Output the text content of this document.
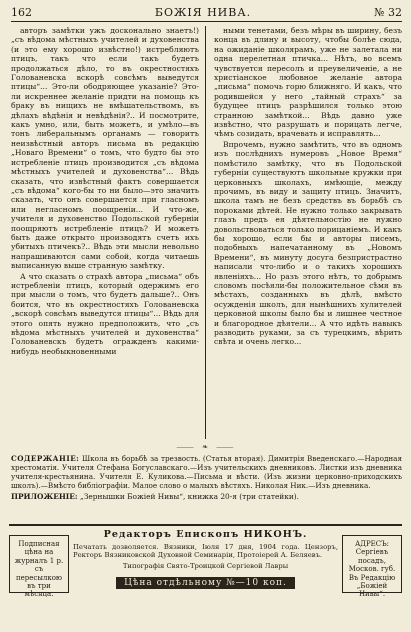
162	БОЖІЯ НИВА.	№ 32

авторъ замѣтки ужъ досконально знаетъ!) „съ вѣдома мѣстныхъ учителей и духовенства (и это ему хорошо извѣстно!) истребляютъ птицъ, такъ что если такъ будетъ продолжаться дѣло, то въ окрестностяхъ Голованевска вскорѣ совсѣмъ выведутся птицы“... Это-ли ободряющее указаніе? Это-ли искреннее желаніе придти на помощь къ браку въ нищихъ не вмѣшательствомъ, въ дѣлахъ вѣдѣнія и невѣдѣнія?.. И посмотрите, какъ умно, или, быть можетъ, и умѣло—въ тонъ либеральнымъ органамъ — говоритъ неизвѣстный авторъ письма въ редакцію „Новаго Времени“ о томъ, что будто бы это истребленіе птицъ производится „съ вѣдома мѣстныхъ учителей и духовенства“... Вѣдь сказать, что извѣстный фактъ совершается „съ вѣдома“ кого-бы то ни было—это значить сказать, что онъ совершается при гласномъ или негласномъ поощреніи... И что-же, учителя и духовенство Подольской губерніи поощряютъ истребленіе птицъ? И можетъ быть даже открыто производятъ счетъ ихъ убитыхъ птичекъ?.. Вѣдь эти мысли невольно напрашиваются сами собой, когда читаешь выписанную выше странную замѣтку.

А что сказать о страхѣ автора „письма“ объ истребленіи птицъ, который одержимъ его при мысли о томъ, что будетъ дальше?.. Онъ боится, что въ окрестностяхъ Голованевска „вскорѣ совсѣмъ выведутся птицы“... Вѣдь для этого опять нужно предположить, что „съ вѣдома мѣстныхъ учителей и духовенства“ Голованевскъ будетъ огражденъ какими-нибудь необыкновенными

ными тенетами, безъ мѣры въ ширину, безъ конца въ длину и высоту, чтобы болѣе сюда, на ожиданіе школярамъ, уже не залетала ни одна перелетная птичка... Нѣтъ, во всемъ чувствуется пересолъ и преувеличеніе, а не христіанское любовное желаніе автора „письма“ помочь горю ближняго. И какъ, что родившейся у него „тайный страхъ“ за будущее птицъ разрѣшился только этою странною замѣткой... Вѣдь давно уже извѣстно, что разрушать и порицать легче, чѣмъ созидать, врачевать и исправлять...

Впрочемъ, нужно замѣтить, что въ одномъ изъ послѣднихъ нумеровъ „Новое Время“ помѣстило замѣтку, что въ Подольской губерніи существуютъ школьные кружки при церковныхъ школахъ, имѣющіе, между прочимъ, въ виду и защиту птицъ. Значитъ, школа тамъ не безъ средствъ въ борьбѣ съ пороками дѣтей. Не нужно только закрывать глазъ предъ ея дѣятельностію не нужно довольствоваться только порицаніемъ. И какъ бы хорошо, если бы и авторы писемъ, подобныхъ напечатанному въ „Новомъ Времени“, въ минуту досуга безпристрастно написали что-либо и о такихъ хорошихъ явленіяхъ... Но разъ этого нѣтъ, то добрымъ словомъ посѣяли-бы положительное сѣмя въ мѣстахъ, созданныхъ въ дѣлѣ, вмѣсто осужденія школъ, для нынѣшнихъ хулителей церковной школы было бы и лишнее честное и благородное дѣятели... А что идѣть навыкъ разводить руками, за съ турецкимъ, вѣрить свѣта и очень легко...

⸻ ❧ ⸻
СОДЕРЖАНІЕ: Школа въ борьбѣ за трезвость. (Статья вторая). Димитрія Введенскаго.—Народная хрестоматія. Учителя Стефана Богуславскаго.—Изъ учительскихъ дневниковъ. Листки изъ дневника учителя-крестьянина. Учителя Е. Куликова.—Письма и вѣсти. (Изъ жизни церковно-приходскихъ школъ).—Вмѣсто библіографіи. Малое слово о малыхъ вѣстяхъ. Николая Ник.—Изъ дневника.
ПРИЛОЖЕНІЕ: „Зернышки Божіей Нивы“, книжка 20-я (три статейки).
Подписная цѣна на журналъ 1 р. съ пересылкою въ три мѣсяца.
Редакторъ Епископъ НИКОНЪ.
Печатать дозволяется. Вязники, Іюля 17 дня, 1904 года. Цензоръ, Ректоръ Вязниковской Духовной Семинаріи, Протоіерей А. Беляевъ.
Типографія Свято-Троицкой Сергіевой Лавры
Цѣна отдѣльному №—10 коп.
АДРЕСЪ: Сергіевъ посадъ, Москов. губ. Въ Редакцію „Божіей Нивы“.
